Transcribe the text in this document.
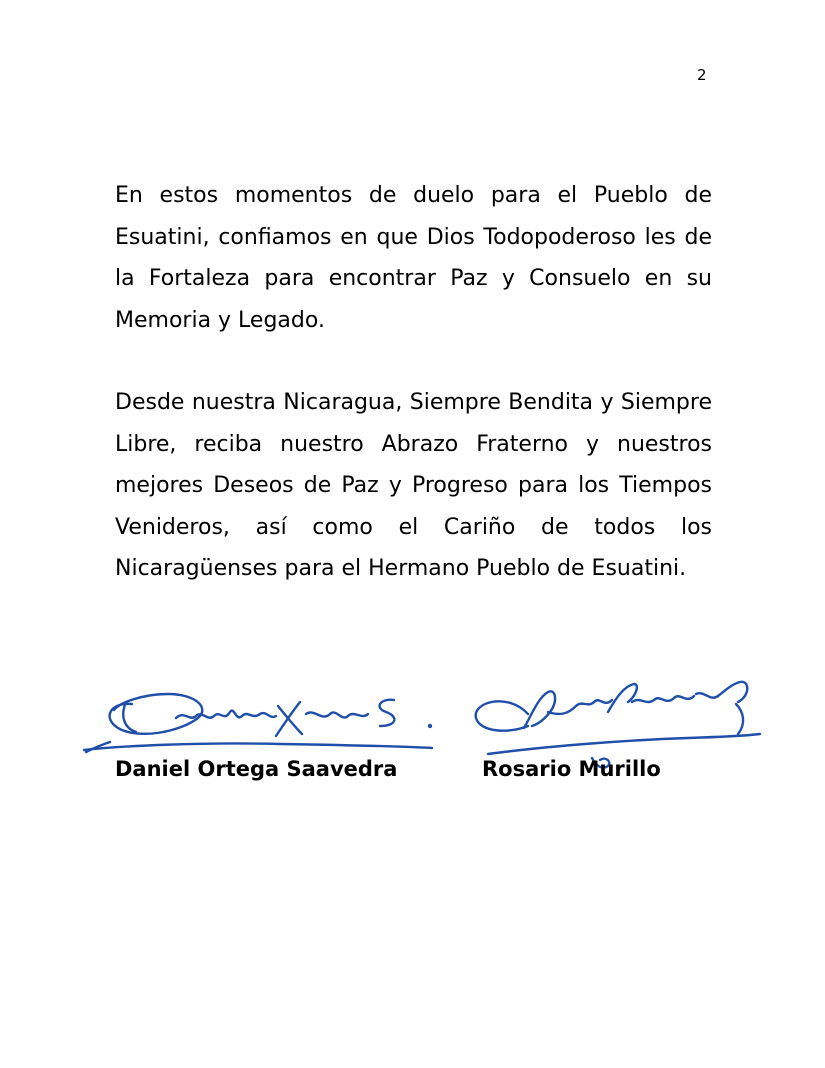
2

En estos momentos de duelo para el Pueblo de Esuatini, confiamos en que Dios Todopoderoso les de la Fortaleza para encontrar Paz y Consuelo en su Memoria y Legado.

Desde nuestra Nicaragua, Siempre Bendita y Siempre Libre, reciba nuestro Abrazo Fraterno y nuestros mejores Deseos de Paz y Progreso para los Tiempos Venideros, así como el Cariño de todos los Nicaragüenses para el Hermano Pueblo de Esuatini.

Daniel Ortega Saavedra	Rosario Murillo
